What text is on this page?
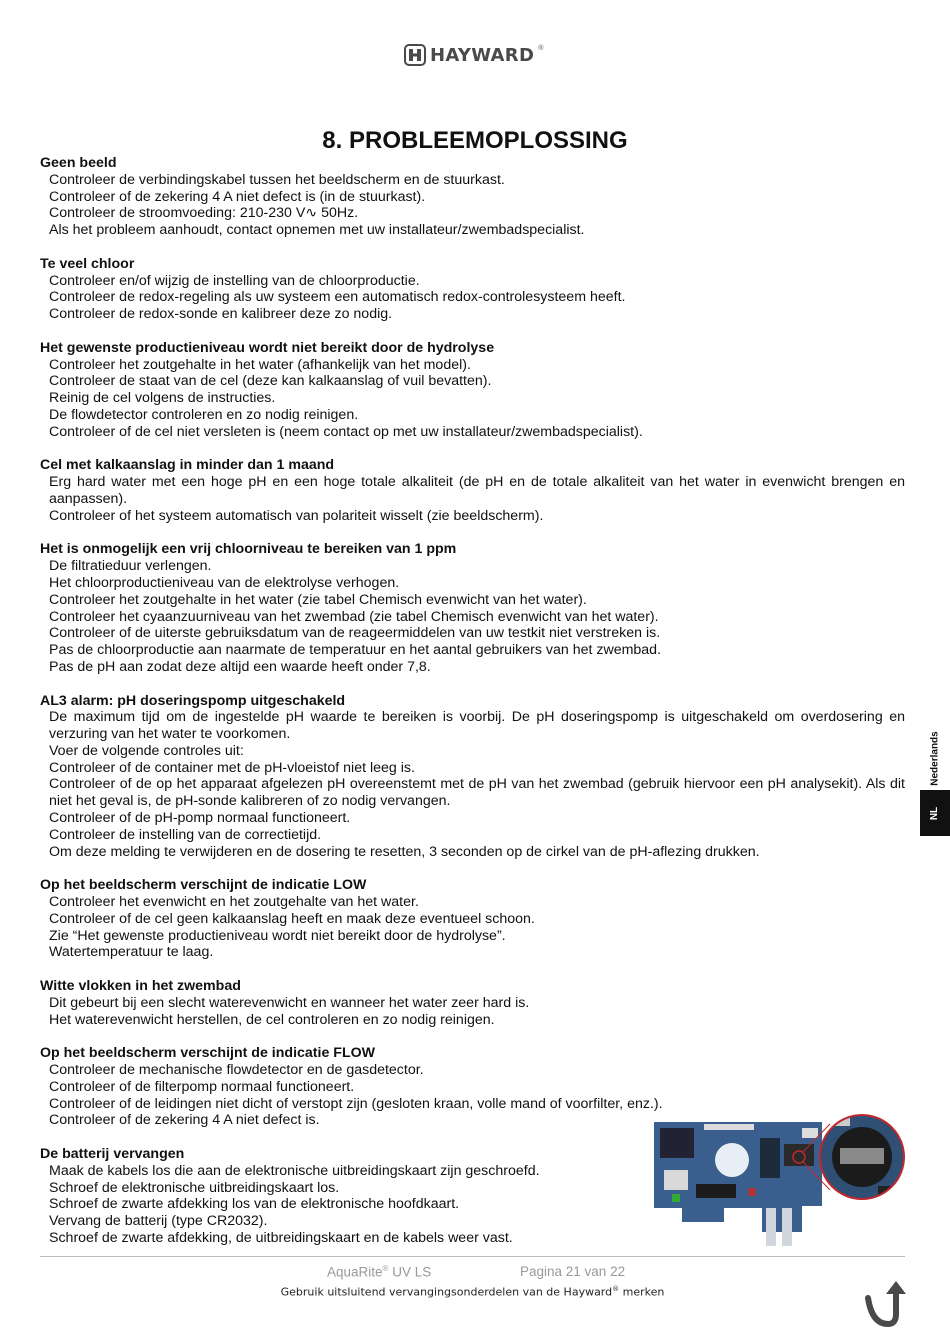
HAYWARD ®
8. PROBLEEMOPLOSSING
Geen beeld
Controleer de verbindingskabel tussen het beeldscherm en de stuurkast.
Controleer of de zekering 4 A niet defect is (in de stuurkast).
Controleer de stroomvoeding: 210-230 V∿ 50Hz.
Als het probleem aanhoudt, contact opnemen met uw installateur/zwembadspecialist.
Te veel chloor
Controleer en/of wijzig de instelling van de chloorproductie.
Controleer de redox-regeling als uw systeem een automatisch redox-controlesysteem heeft.
Controleer de redox-sonde en kalibreer deze zo nodig.
Het gewenste productieniveau wordt niet bereikt door de hydrolyse
Controleer het zoutgehalte in het water (afhankelijk van het model).
Controleer de staat van de cel (deze kan kalkaanslag of vuil bevatten).
Reinig de cel volgens de instructies.
De flowdetector controleren en zo nodig reinigen.
Controleer of de cel niet versleten is (neem contact op met uw installateur/zwembadspecialist).
Cel met kalkaanslag in minder dan 1 maand
Erg hard water met een hoge pH en een hoge totale alkaliteit (de pH en de totale alkaliteit van het water in evenwicht brengen en aanpassen).
Controleer of het systeem automatisch van polariteit wisselt (zie beeldscherm).
Het is onmogelijk een vrij chloorniveau te bereiken van 1 ppm
De filtratieduur verlengen.
Het chloorproductieniveau van de elektrolyse verhogen.
Controleer het zoutgehalte in het water (zie tabel Chemisch evenwicht van het water).
Controleer het cyaanzuurniveau van het zwembad (zie tabel Chemisch evenwicht van het water).
Controleer of de uiterste gebruiksdatum van de reageermiddelen van uw testkit niet verstreken is.
Pas de chloorproductie aan naarmate de temperatuur en het aantal gebruikers van het zwembad.
Pas de pH aan zodat deze altijd een waarde heeft onder 7,8.
AL3 alarm: pH doseringspomp uitgeschakeld
De maximum tijd om de ingestelde pH waarde te bereiken is voorbij. De pH doseringspomp is uitgeschakeld om overdosering en verzuring van het water te voorkomen.
Voer de volgende controles uit:
Controleer of de container met de pH-vloeistof niet leeg is.
Controleer of de op het apparaat afgelezen pH overeenstemt met de pH van het zwembad (gebruik hiervoor een pH analysekit). Als dit niet het geval is, de pH-sonde kalibreren of zo nodig vervangen.
Controleer of de pH-pomp normaal functioneert.
Controleer de instelling van de correctietijd.
Om deze melding te verwijderen en de dosering te resetten, 3 seconden op de cirkel van de pH-aflezing drukken.
Op het beeldscherm verschijnt de indicatie LOW
Controleer het evenwicht en het zoutgehalte van het water.
Controleer of de cel geen kalkaanslag heeft en maak deze eventueel schoon.
Zie “Het gewenste productieniveau wordt niet bereikt door de hydrolyse”.
Watertemperatuur te laag.
Witte vlokken in het zwembad
Dit gebeurt bij een slecht waterevenwicht en wanneer het water zeer hard is.
Het waterevenwicht herstellen, de cel controleren en zo nodig reinigen.
Op het beeldscherm verschijnt de indicatie FLOW
Controleer de mechanische flowdetector en de gasdetector.
Controleer of de filterpomp normaal functioneert.
Controleer of de leidingen niet dicht of verstopt zijn (gesloten kraan, volle mand of voorfilter, enz.).
Controleer of de zekering 4 A niet defect is.
De batterij vervangen
Maak de kabels los die aan de elektronische uitbreidingskaart zijn geschroefd.
Schroef de elektronische uitbreidingskaart los.
Schroef de zwarte afdekking los van de elektronische hoofdkaart.
Vervang de batterij (type CR2032).
Schroef de zwarte afdekking, de uitbreidingskaart en de kabels weer vast.
Nederlands
NL
AquaRite® UV LS	Pagina 21 van 22
Gebruik uitsluitend vervangingsonderdelen van de Hayward® merken
